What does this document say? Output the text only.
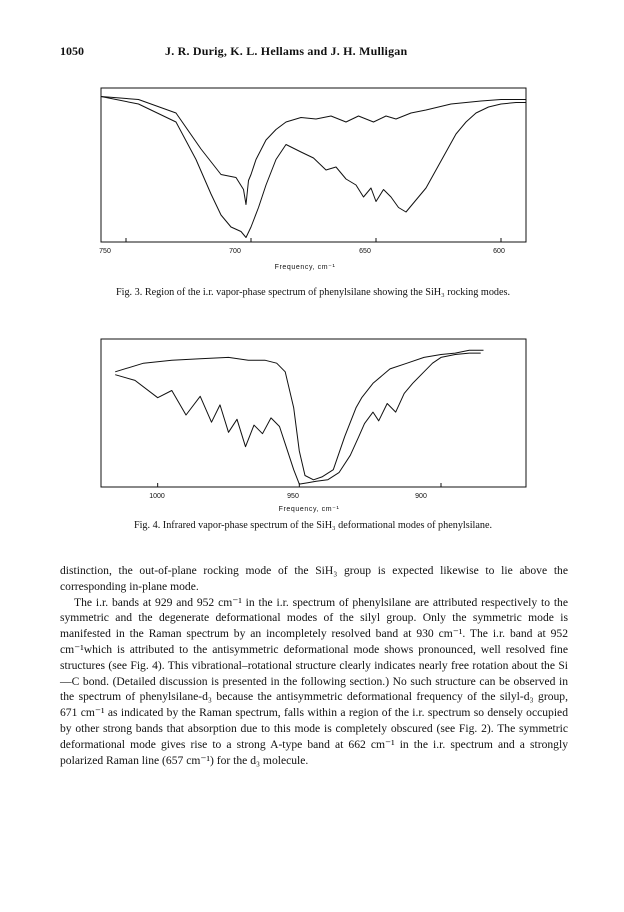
1050	J. R. Durig, K. L. Hellams and J. H. Mulligan
750	700	650	600
Frequency, cm⁻¹
Fig. 3. Region of the i.r. vapor-phase spectrum of phenylsilane showing the SiH₃ rocking modes.
1000	950	900
Frequency, cm⁻¹
Fig. 4. Infrared vapor-phase spectrum of the SiH₃ deformational modes of phenylsilane.

distinction, the out-of-plane rocking mode of the SiH₃ group is expected likewise to lie above the corresponding in-plane mode.

The i.r. bands at 929 and 952 cm⁻¹ in the i.r. spectrum of phenylsilane are attributed respectively to the symmetric and the degenerate deformational modes of the silyl group. Only the symmetric mode is manifested in the Raman spectrum by an incompletely resolved band at 930 cm⁻¹. The i.r. band at 952 cm⁻¹which is attributed to the antisymmetric deformational mode shows pronounced, well resolved fine structures (see Fig. 4). This vibrational–rotational structure clearly indicates nearly free rotation about the Si—C bond. (Detailed discussion is presented in the following section.) No such structure can be observed in the spectrum of phenylsilane-d₃ because the antisymmetric deformational frequency of the silyl-d₃ group, 671 cm⁻¹ as indicated by the Raman spectrum, falls within a region of the i.r. spectrum so densely occupied by other strong bands that absorption due to this mode is completely obscured (see Fig. 2). The symmetric deformational mode gives rise to a strong A-type band at 662 cm⁻¹ in the i.r. spectrum and a strongly polarized Raman line (657 cm⁻¹) for the d₃ molecule.
